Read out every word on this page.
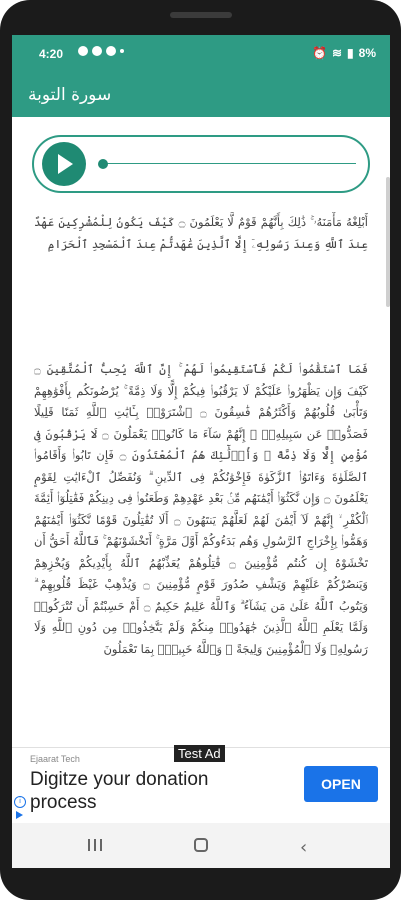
4:20	⏰ ≋ ▮ 8%
سورة التوبة
أَبْلِغْهُ مَأْمَنَهُۥ ۚ ذَٰلِكَ بِأَنَّهُمْ قَوْمٌ لَّا يَعْلَمُونَ ۝ كَيْفَ يَكُونُ لِلْمُشْرِكِينَ عَهْدٌ عِندَ ٱللَّهِ وَعِندَ رَسُولِهِۦٓ إِلَّا ٱلَّذِينَ عَٰهَدتُّمْ عِندَ ٱلْمَسْجِدِ ٱلْحَرَامِ
فَمَا ٱسْتَقَٰمُوا۟ لَكُمْ فَٱسْتَقِيمُوا۟ لَهُمْ ۚ إِنَّ ٱللَّهَ يُحِبُّ ٱلْمُتَّقِينَ ۝ كَيْفَ وَإِن يَظْهَرُوا۟ عَلَيْكُمْ لَا يَرْقُبُوا۟ فِيكُمْ إِلًّا وَلَا ذِمَّةً ۚ يُرْضُونَكُم بِأَفْوَٰهِهِمْ وَتَأْبَىٰ قُلُوبُهُمْ وَأَكْثَرُهُمْ فَٰسِقُونَ ۝ ٱشْتَرَوْا۟ بِـَٔايَٰتِ ٱللَّهِ ثَمَنًا قَلِيلًا فَصَدُّوا۟ عَن سَبِيلِهِۦٓ ۚ إِنَّهُمْ سَآءَ مَا كَانُوا۟ يَعْمَلُونَ ۝ لَا يَرْقُبُونَ فِى مُؤْمِنٍ إِلًّا وَلَا ذِمَّةً ۚ وَأُو۟لَٰٓئِكَ هُمُ ٱلْمُعْتَدُونَ ۝ فَإِن تَابُوا۟ وَأَقَامُوا۟ ٱلصَّلَوٰةَ وَءَاتَوُا۟ ٱلزَّكَوٰةَ فَإِخْوَٰنُكُمْ فِى ٱلدِّينِ ۗ وَنُفَصِّلُ ٱلْءَايَٰتِ لِقَوْمٍ يَعْلَمُونَ ۝ وَإِن نَّكَثُوٓا۟ أَيْمَٰنَهُم مِّنۢ بَعْدِ عَهْدِهِمْ وَطَعَنُوا۟ فِى دِينِكُمْ فَقَٰتِلُوٓا۟ أَئِمَّةَ ٱلْكُفْرِ ۙ إِنَّهُمْ لَآ أَيْمَٰنَ لَهُمْ لَعَلَّهُمْ يَنتَهُونَ ۝ أَلَا تُقَٰتِلُونَ قَوْمًا نَّكَثُوٓا۟ أَيْمَٰنَهُمْ وَهَمُّوا۟ بِإِخْرَاجِ ٱلرَّسُولِ وَهُم بَدَءُوكُمْ أَوَّلَ مَرَّةٍ ۚ أَتَخْشَوْنَهُمْ ۚ فَٱللَّهُ أَحَقُّ أَن تَخْشَوْهُ إِن كُنتُم مُّؤْمِنِينَ ۝ قَٰتِلُوهُمْ يُعَذِّبْهُمُ ٱللَّهُ بِأَيْدِيكُمْ وَيُخْزِهِمْ وَيَنصُرْكُمْ عَلَيْهِمْ وَيَشْفِ صُدُورَ قَوْمٍ مُّؤْمِنِينَ ۝ وَيُذْهِبْ غَيْظَ قُلُوبِهِمْ ۗ وَيَتُوبُ ٱللَّهُ عَلَىٰ مَن يَشَآءُ ۗ وَٱللَّهُ عَلِيمٌ حَكِيمٌ ۝ أَمْ حَسِبْتُمْ أَن تُتْرَكُوا۟ وَلَمَّا يَعْلَمِ ٱللَّهُ ٱلَّذِينَ جَٰهَدُوا۟ مِنكُمْ وَلَمْ يَتَّخِذُوا۟ مِن دُونِ ٱللَّهِ وَلَا رَسُولِهِۦ وَلَا ٱلْمُؤْمِنِينَ وَلِيجَةً ۚ وَٱللَّهُ خَبِيرٌۢ بِمَا تَعْمَلُونَ
Ejaarat Tech	Test Ad
Digitze your donation process
OPEN
i
‹
